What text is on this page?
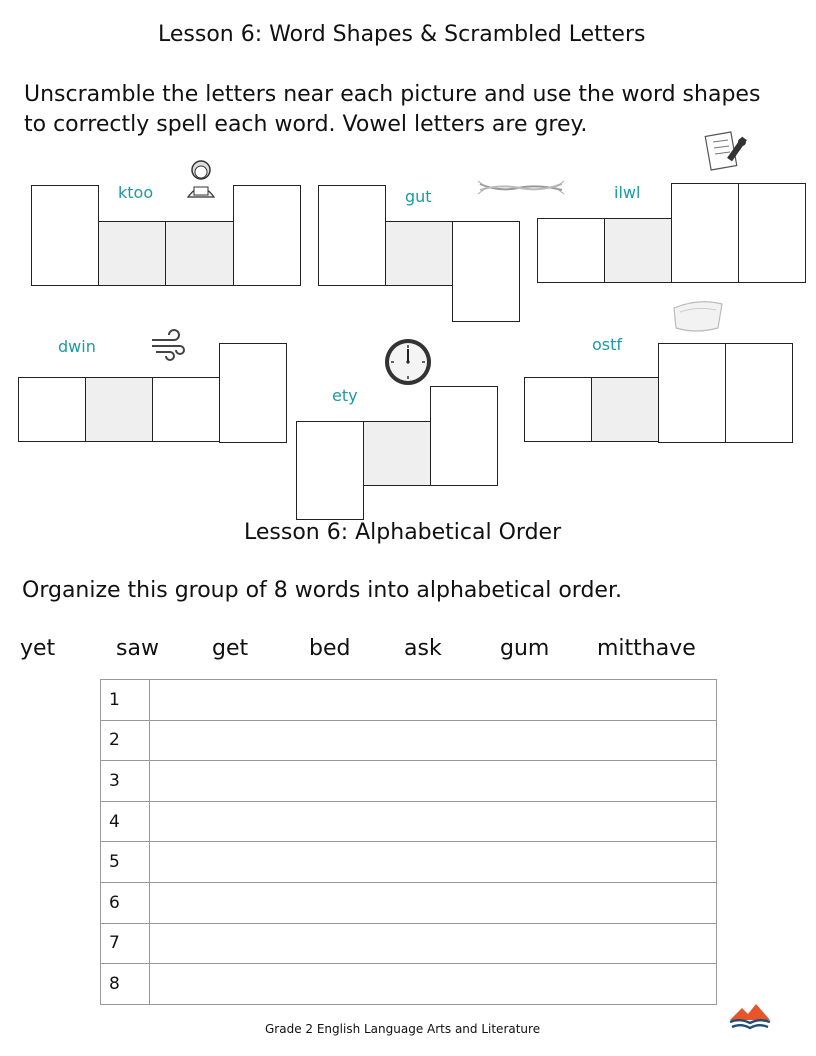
Lesson 6: Word Shapes & Scrambled Letters
Unscramble the letters near each picture and use the word shapes
to correctly spell each word. Vowel letters are grey.
ktoo	gut	ilwl
dwin
ety
ostf
Lesson 6: Alphabetical Order
Organize this group of 8 words into alphabetical order.
yet	saw get	bed ask	gum mitthave
1	
2	
3	
4	
5	
6	
7	
8	
Grade 2 English Language Arts and Literature
